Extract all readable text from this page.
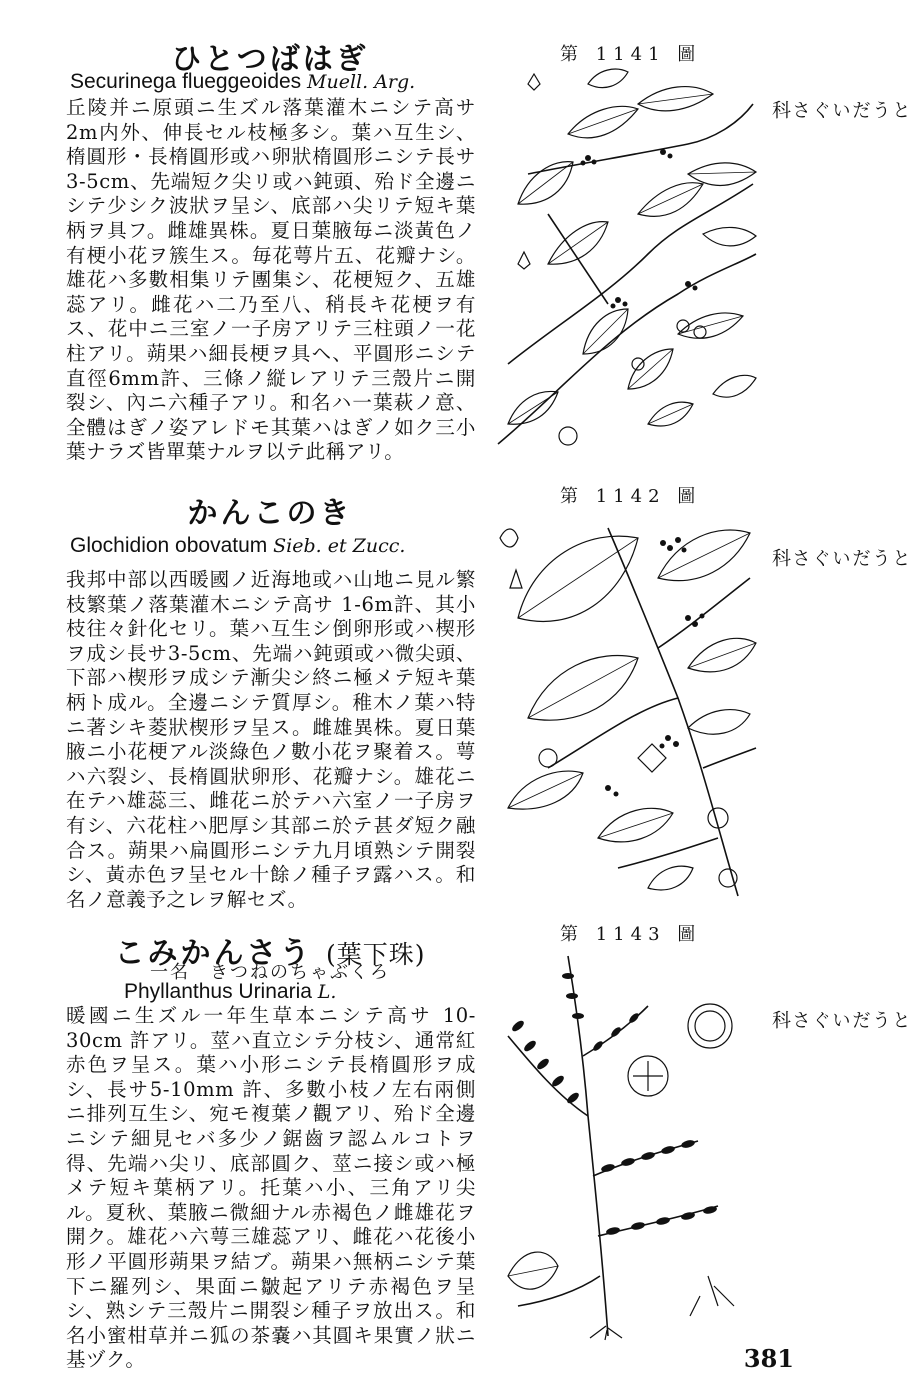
ひとつばはぎ
Securinega flueggeoides Muell. Arg.

丘陵并ニ原頭ニ生ズル落葉灌木ニシテ高サ2m内外、伸長セル枝極多シ。葉ハ互生シ、楕圓形・長楕圓形或ハ卵狀楕圓形ニシテ長サ3-5cm、先端短ク尖リ或ハ鈍頭、殆ド全邊ニシテ少シク波狀ヲ呈シ、底部ハ尖リテ短キ葉柄ヲ具フ。雌雄異株。夏日葉腋毎ニ淡黃色ノ有梗小花ヲ簇生ス。毎花萼片五、花瓣ナシ。雄花ハ多數相集リテ團集シ、花梗短ク、五雄蕊アリ。雌花ハ二乃至八、稍長キ花梗ヲ有ス、花中ニ三室ノ一子房アリテ三柱頭ノ一花柱アリ。蒴果ハ細長梗ヲ具ヘ、平圓形ニシテ直徑6mm許、三條ノ縦レアリテ三殼片ニ開裂シ、內ニ六種子アリ。和名ハ一葉萩ノ意、全體はぎノ姿アレドモ其葉ハはぎノ如ク三小葉ナラズ皆單葉ナルヲ以テ此稱アリ。

第 1141 圖
とうだいぐさ科
かんこのき
Glochidion obovatum Sieb. et Zucc.

我邦中部以西暖國ノ近海地或ハ山地ニ見ル繁枝繁葉ノ落葉灌木ニシテ高サ 1-6m許、其小枝往々針化セリ。葉ハ互生シ倒卵形或ハ楔形ヲ成シ長サ3-5cm、先端ハ鈍頭或ハ微尖頭、下部ハ楔形ヲ成シテ漸尖シ終ニ極メテ短キ葉柄ト成ル。全邊ニシテ質厚シ。稚木ノ葉ハ特ニ著シキ菱狀楔形ヲ呈ス。雌雄異株。夏日葉腋ニ小花梗アル淡綠色ノ數小花ヲ聚着ス。萼ハ六裂シ、長楕圓狀卵形、花瓣ナシ。雄花ニ在テハ雄蕊三、雌花ニ於テハ六室ノ一子房ヲ有シ、六花柱ハ肥厚シ其部ニ於テ甚ダ短ク融合ス。蒴果ハ扁圓形ニシテ九月頃熟シテ開裂シ、黃赤色ヲ呈セル十餘ノ種子ヲ露ハス。和名ノ意義予之レヲ解セズ。

第 1142 圖
とうだいぐさ科
こみかんさう (葉下珠)
一名　きつねのちゃぶくろ
Phyllanthus Urinaria L.

暖國ニ生ズル一年生草本ニシテ高サ 10-30cm 許アリ。莖ハ直立シテ分枝シ、通常紅赤色ヲ呈ス。葉ハ小形ニシテ長楕圓形ヲ成シ、長サ5-10mm 許、多數小枝ノ左右兩側ニ排列互生シ、宛モ複葉ノ觀アリ、殆ド全邊ニシテ細見セバ多少ノ鋸齒ヲ認ムルコトヲ得、先端ハ尖リ、底部圓ク、莖ニ接シ或ハ極メテ短キ葉柄アリ。托葉ハ小、三角アリ尖ル。夏秋、葉腋ニ微細ナル赤褐色ノ雌雄花ヲ開ク。雄花ハ六萼三雄蕊アリ、雌花ハ花後小形ノ平圓形蒴果ヲ結ブ。蒴果ハ無柄ニシテ葉下ニ羅列シ、果面ニ皺起アリテ赤褐色ヲ呈シ、熟シテ三殼片ニ開裂シ種子ヲ放出ス。和名小蜜柑草并ニ狐の茶嚢ハ其圓キ果實ノ狀ニ基ヅク。

第 1143 圖
とうだいぐさ科
381
